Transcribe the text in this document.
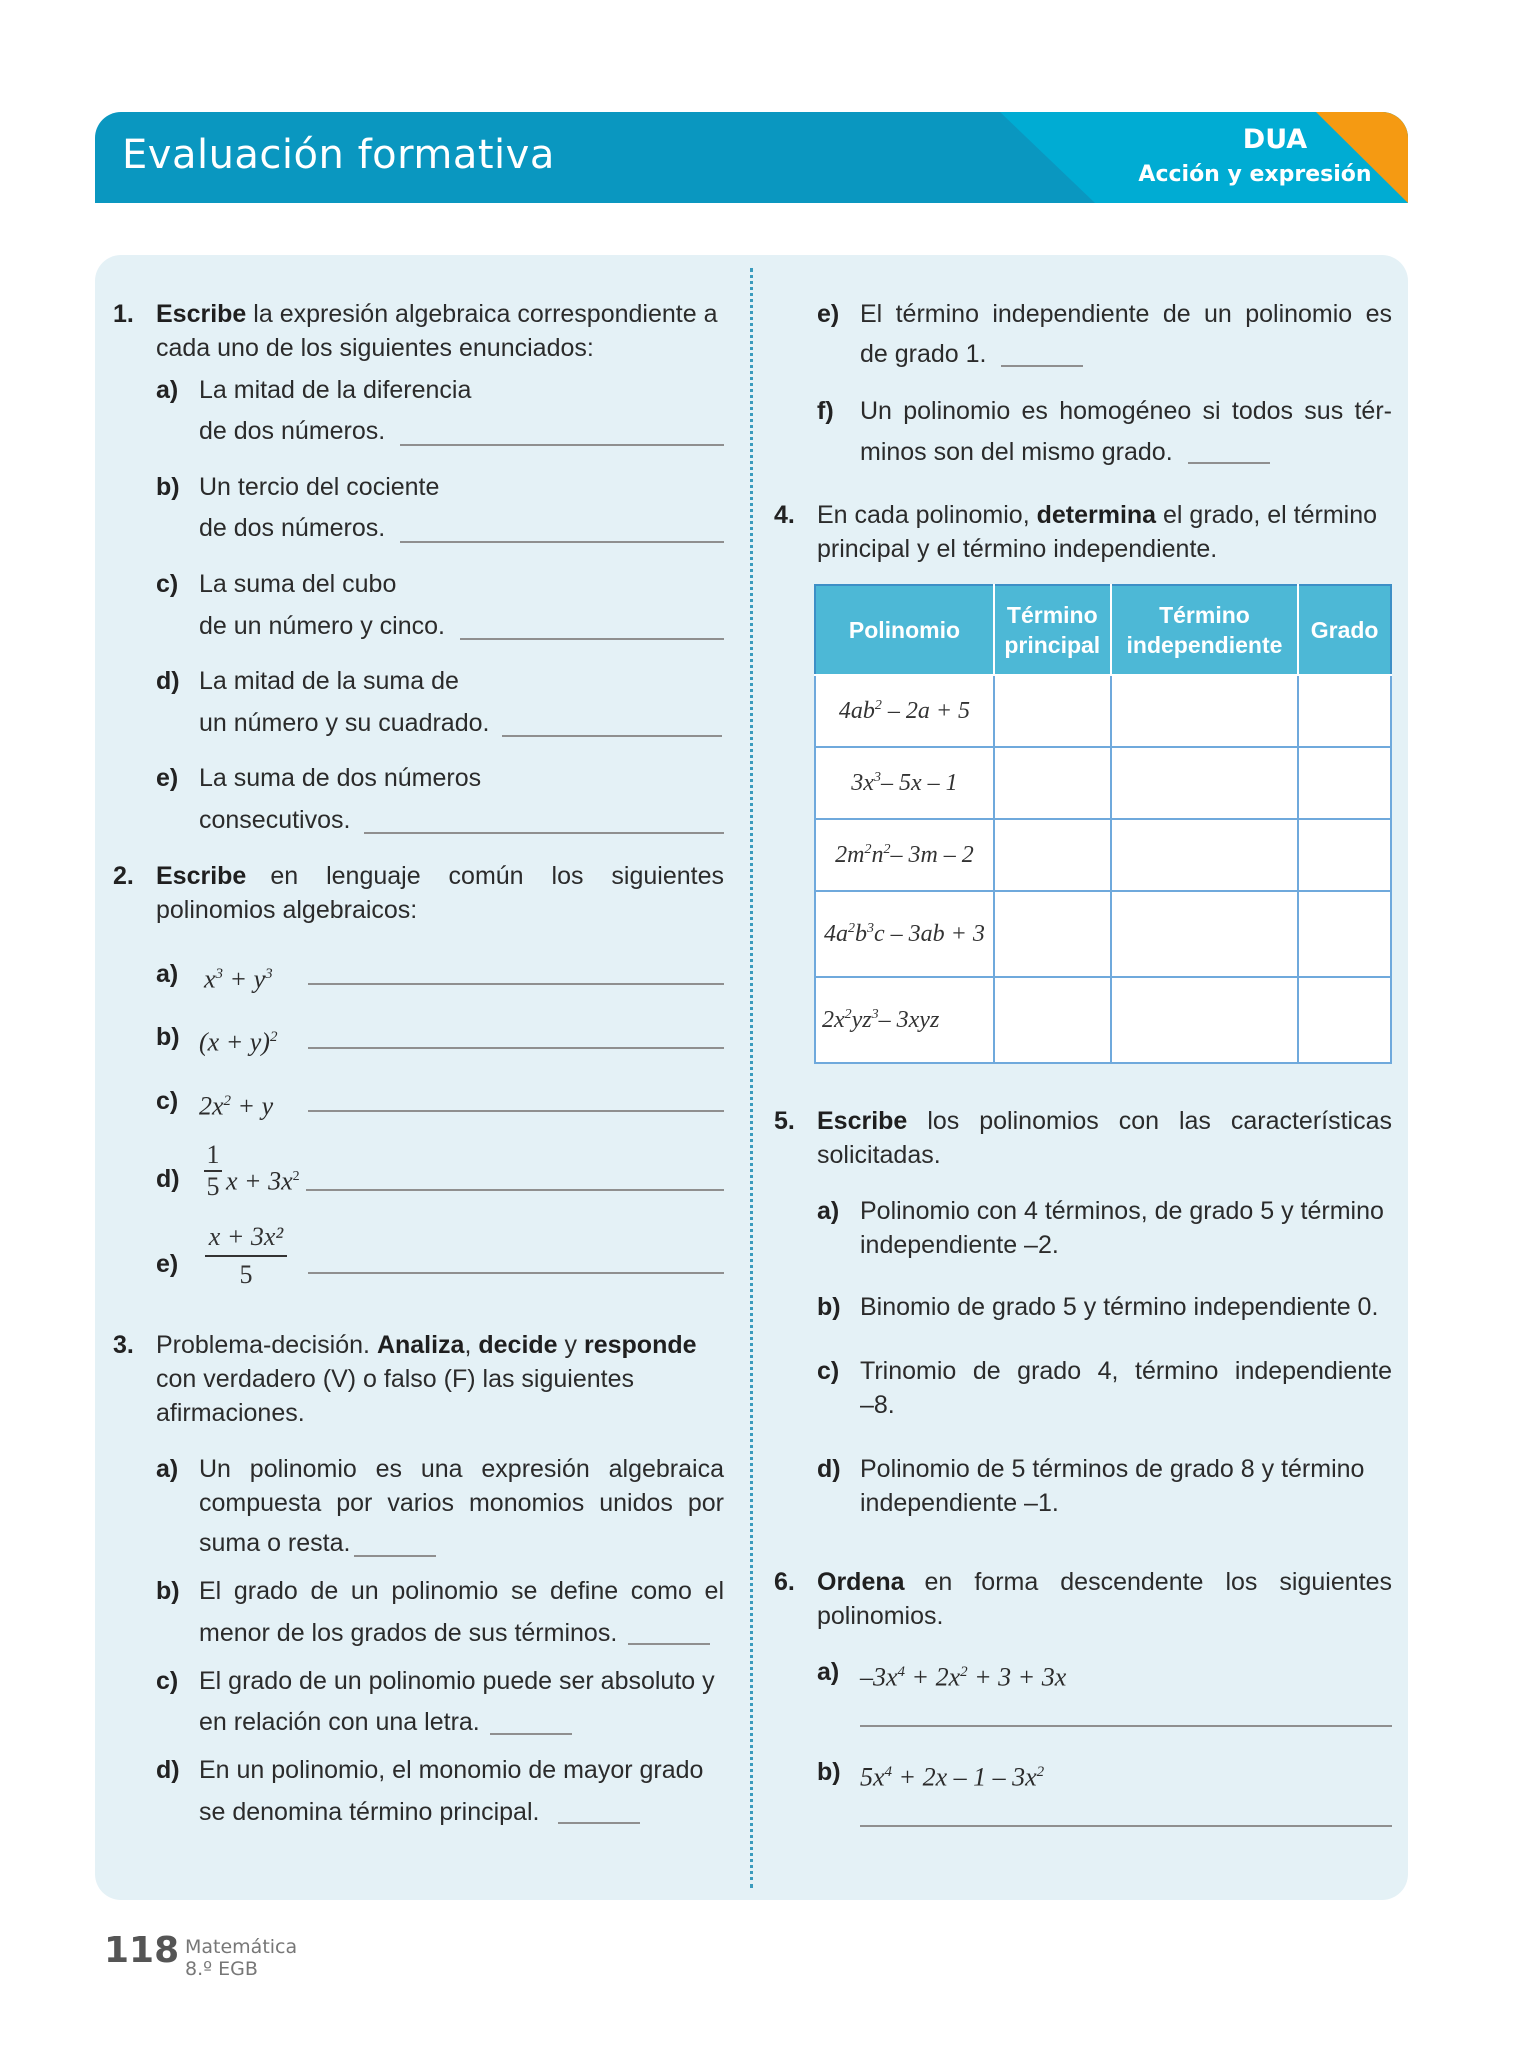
Evaluación formativa	DUA
Acción y expresión
1. Escribe la expresión algebraica correspondiente a
cada uno de los siguientes enunciados:
a) La mitad de la diferencia
de dos números.
b) Un tercio del cociente
de dos números.
c) La suma del cubo
de un número y cinco.
d) La mitad de la suma de
un número y su cuadrado.
e) La suma de dos números
consecutivos.
2. Escribe en lenguaje común los siguientes
polinomios algebraicos:
a) $x^3 + y^3$
b) $(x + y)^2$
c) $2x^2 + y$
d)
1
5 $x + 3x^2$
e)
x + 3x²
5
3. Problema-decisión. Analiza, decide y responde
con verdadero (V) o falso (F) las siguientes
afirmaciones.
a) Un polinomio es una expresión algebraica
compuesta por varios monomios unidos por
suma o resta.
b) El grado de un polinomio se define como el
menor de los grados de sus términos.
c) El grado de un polinomio puede ser absoluto y
en relación con una letra.
d) En un polinomio, el monomio de mayor grado
se denomina término principal.
e) El término independiente de un polinomio es
de grado 1.
f) Un polinomio es homogéneo si todos sus tér-
minos son del mismo grado.
4. En cada polinomio, determina el grado, el término
principal y el término independiente.
Polinomio	Término principal	Término independiente	Grado
$4ab^2 - 2a + 5$			
$3x^3-$ 5x – 1			
$2m^2n^2-$ 3m – 2			
$4a^2b^3c - 3ab + 3$			
$2x^2yz^3-$ 3xyz			
5. Escribe los polinomios con las características
solicitadas.
a) Polinomio con 4 términos, de grado 5 y término
independiente –2.
b) Binomio de grado 5 y término independiente 0.
c) Trinomio de grado 4, término independiente
–8.
d) Polinomio de 5 términos de grado 8 y término
independiente –1.
6. Ordena en forma descendente los siguientes
polinomios.
a) $-3x^4 + 2x^2 + 3 + 3x$
b) $5x^4 + 2x - 1 - 3x^2$
118 Matemática
8.º EGB
